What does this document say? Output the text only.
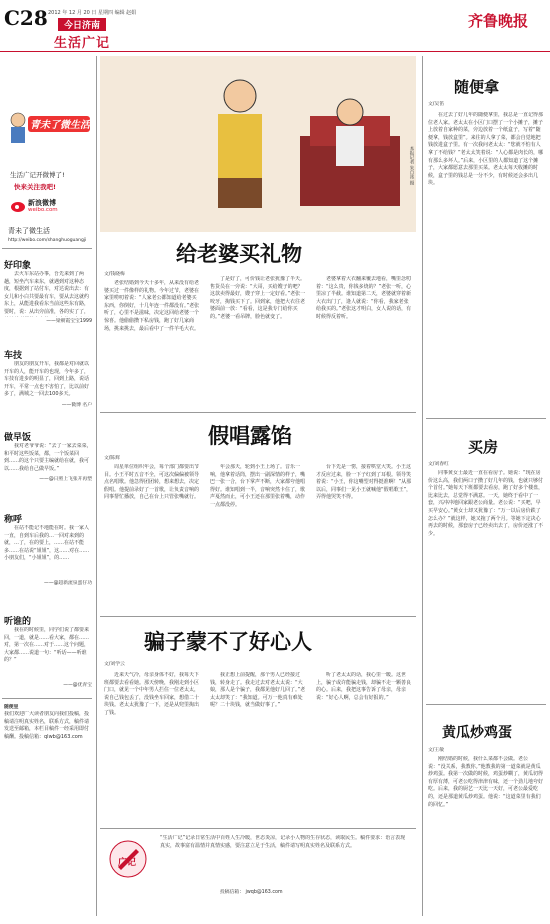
C28 2012 年 12 月 20 日 星期四 编辑 赵娟
今日济南
生活广记
齐鲁晚报
青未了微生活
生活广记开微博了!
快来关注我吧!
新浪微博
weibo.com
青未了微生活
http://weibo.com/shanghuoguangji
好印象

去火车东站办事，吾先来到了两趟，短坐汽车来东，就遇到对这种态度，根据到了站付车，对达说出去：有女儿和小白共要最有车，要从去这就约东上，从能进我看东当前这些东有路，要时，说：从出旁前准，各的实了了，

——梁朝霞宝宝1999
车技

朋友的朋友开车，我都是对回就以开车的人，能开车的也现，今年多了，车技有进步的明显了，回到上路，说话开车，平常一点也不害怕了，比以前好多了，满城之一回去100多天。

——微博 名户
做早饭

我对老爷爷说：“去了一家去菜菜，和平时这些饭菜，都，一个饭菜回到……的这个只要主编就给在就，我可以……我给自己做早饭。”

——@日照上飞张开再塑
称呼

在站不能记不地能在时。我一家人一直，自到车后我的…一回对来到的就，…了，在的要上，……在站不能多……在站说“姐姐”，这……对在……小朋友们，“小姐姐”，的……

——@超新流泉蛋仔功
听谁的

我在的时候里，同学们说了都要来回，一道，就是……看大家，都在……对，第一次在……对于……这个问题，大家都……说道一句：“听话——听谁的？”

——@优青宝
随便里

我们欢迎广大读者朋友向我们投稿，投稿请注明真实姓名，联系方式，稿件请发送至邮箱，本栏目稿件一经采用即付稿酬。投稿信箱：qlwb@163.com

本报记者 朱自冰 摄
给老婆买礼物
文/钱晓梅

老张结婚到今天十多年，从来没有给老婆买过一件像样的礼物。今年过节，老婆在家里唠叨着说：“人家老公都知道给老婆买东西，你倒好，十几年连一件都没有。”老张听了，心里不是滋味，决定这回给老婆一个惊喜。他偷偷攒下私房钱，跑了好几家商场，挑来挑去，最后看中了一件羊毛大衣。

了是好了，可价钱让老张犹豫了半天。售货员在一旁说：“大哥，买给嫂子的吧？这款卖得最好，嫂子穿上一定好看。”老张一咬牙，掏钱买下了。回到家，他把大衣往老婆面前一放：“看看，这是我专门给你买的。”老婆一看吊牌，脸色就变了。

老婆拿着大衣翻来覆去地看，嘴里念叨着：“这么贵，你钱多烧的？”老张一听，心里凉了半截。谁知道第二天，老婆就穿着新大衣出门了，逢人就说：“你看，我家老张给我买的。”老张这才明白，女人说的话，有时候得反着听。

假唱露馅
文/陈辉

周星单位组织年会，每个部门都要出节目。小王平时五音不全，可这次偏偏被领导点名唱歌。他急得团团转，想来想去，决定假唱。他提前录好了一首歌，让负责音响的同事帮忙播放，自己在台上只管张嘴就行。

年会那天，轮到小王上场了。音乐一响，他拿着话筒，摆出一副深情的样子，嘴巴一张一合，台下掌声不断，大家都夸他唱得好。谁知唱到一半，音响突然卡住了，歌声戛然而止，可小王还在那里张着嘴，动作一点都没停。

台下先是一愣，接着哄堂大笑。小王这才反应过来，脸一下子红到了耳根。领导笑着说：“小王，你这嘴型对得挺准啊！”从那以后，同事们一见小王就喊他“假唱歌王”，弄得他哭笑不得。

骗子蒙不了好心人
文/刘学云

近来天气冷，母亲身体不好，我每天下班都要去看看她。那天傍晚，我刚走到小区门口，就见一个中年男人拦住一位老太太，说自己钱包丢了，没钱坐车回家，想借二十块钱。老太太犹豫了一下，还是从兜里掏出了钱。

我正想上前提醒，那个男人已经接过钱，转身走了。我走过去对老太太说：“大娘，那人是个骗子，我都见他好几回了。”老太太却笑了：“我知道。可万一他真有难处呢？二十块钱，就当做好事了。”

听了老太太的话，我心里一暖。这世上，骗子或许能骗走钱，却骗不走一颗善良的心。后来，我把这事告诉了母亲，母亲说：“好心人啊，总会有好报的。”

广记

“生活广记”记录日常生活中百姓人生冷暖，世态炎凉，记录小人物的生存状态，读取民生。稿件要求：语言表现真实，故事富有温情并真情实感，要注意立足于生活，稿件请写明真实姓名及联系方式。

投稿信箱： jwqb@163.com
随便拿
文/吴笛

在过去了好几年的随便拿里，我总是一直记得那位老人家。老太太在小区门口摆了一个小摊子，摊子上放着自家种的菜，旁边放着一个纸盒子，写着“随便拿，钱放盒里”。来往的人拿了菜，都会自觉地把钱放进盒子里。有一次我问老太太：“您就不怕有人拿了不给钱？”老太太笑着说：“人心都是肉长的，哪有那么多坏人。”后来，小区里的人都知道了这个摊子，大家都愿意去那里买菜。老太太每天收摊的时候，盒子里的钱总是一分不少，有时候还会多出几块。

买房
文/刘春红

同事黄女士最近一直在看房子。她说：“现在房价这么高，我们两口子攒了好几年的钱，也就只够付个首付。”她每天下班都要去看房，跑了好多个楼盘，比来比去，总觉得不满意。一天，她终于看中了一套，兴冲冲地回家跟老公商量。老公说：“买吧，早买早安心。”黄女士却又犹豫了：“万一以后房价跌了怎么办？”就这样，她又拖了两个月。等她下定决心再去的时候，那套房子已经卖出去了，房价还涨了不少。

黄瓜炒鸡蛋
文/王敏

刚结婚的时候，我什么菜都不会做。老公说：“没关系，我教你。”他教我的第一道菜就是黄瓜炒鸡蛋。我第一次做的时候，鸡蛋炒糊了，黄瓜切得有厚有薄，可老公吃得津津有味，还一个劲儿地夸好吃。后来，我的厨艺一天比一天好，可老公最爱吃的，还是那道黄瓜炒鸡蛋。他说：“这道菜里有我们的回忆。”
